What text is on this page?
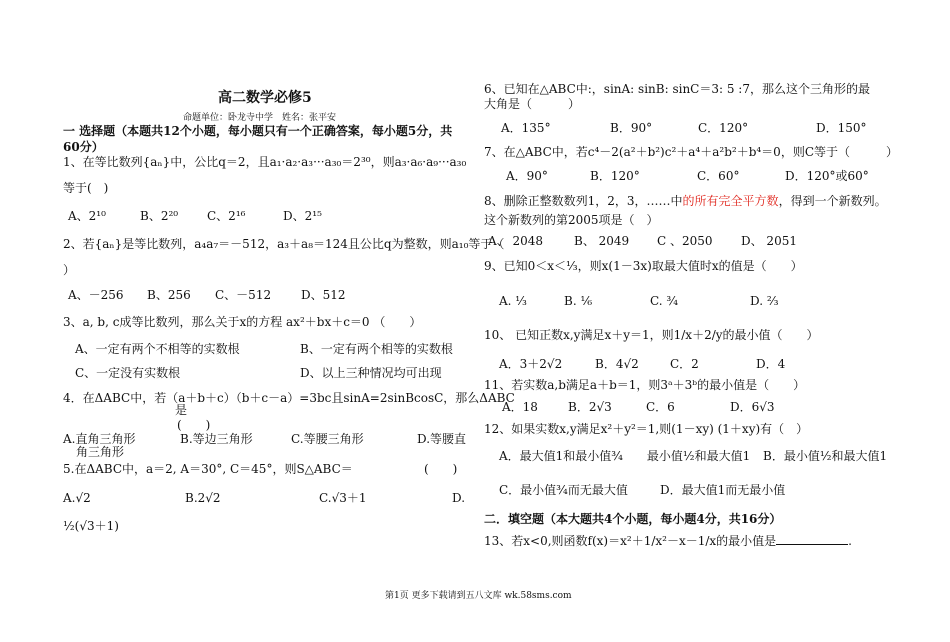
高二数学必修5
命题单位：卧龙寺中学　姓名：张平安
一 选择题（本题共12个小题，每小题只有一个正确答案，每小题5分，共
60分）
1、在等比数列{aₙ}中，公比q＝2，且a₁·a₂·a₃···a₃₀＝2³⁰，则a₃·a₆·a₉···a₃₀
等于(　)
A、2¹⁰	B、2²⁰ C、2¹⁶	D、2¹⁵
2、若{aₙ}是等比数列，a₄a₇＝－512，a₃＋a₈＝124且公比q为整数，则a₁₀等于（
）
A、－256 B、256 C、－512 D、512
3、a, b, c成等比数列，那么关于x的方程 ax²＋bx＋c＝0 （　　）
A、一定有两个不相等的实数根	B、一定有两个相等的实数根
C、一定没有实数根	D、以上三种情况均可出现
4．在ΔABC中，若（a＋b＋c）（b＋c－a）=3bc且sinA=2sinBcosC，那么ΔABC
是
(　　)
A.直角三角形	B.等边三角形	C.等腰三角形	D.等腰直
角三角形
5.在ΔABC中，a＝2, A＝30°, C＝45°，则S△ABC＝	(　　)
A.√2	B.2√2	C.√3＋1	D.
½(√3＋1)
6、已知在△ABC中:，sinA: sinB: sinC＝3: 5 :7，那么这个三角形的最
大角是（　　　）
A．135°	B．90°	C．120°	D．150°
7、在△ABC中，若c⁴－2(a²＋b²)c²＋a⁴＋a²b²＋b⁴＝0，则C等于（　　　）
A．90°	B．120°	C．60°	D．120°或60°
8、删除正整数数列1，2，3，……中的所有完全平方数，得到一个新数列。
这个新数列的第2005项是（　）
A、 2048	B、 2049 C 、2050 D、 2051
9、已知0＜x＜⅓，则x(1－3x)取最大值时x的值是（　　）
A. ⅓	B. ⅙	C. ¾	D. ⅔
10、 已知正数x,y满足x＋y＝1，则1/x＋2/y的最小值（　　）
A．3＋2√2	B．4√2	C．2	D．4
11、若实数a,b满足a＋b＝1，则3ᵃ＋3ᵇ的最小值是（　　）
A．18	B．2√3	C．6	D．6√3
12、如果实数x,y满足x²＋y²＝1,则(1－xy) (1＋xy)有（　）
A．最大值1和最小值¾　　最小值½和最大值1 B．最小值½和最大值1
C．最小值¾而无最大值	D．最大值1而无最小值
二．填空题（本大题共4个小题，每小题4分，共16分）
13、若x<0,则函数f(x)＝x²＋1/x²－x－1/x的最小值是	.
第1页 更多下载请到五八文库 wk.58sms.com
